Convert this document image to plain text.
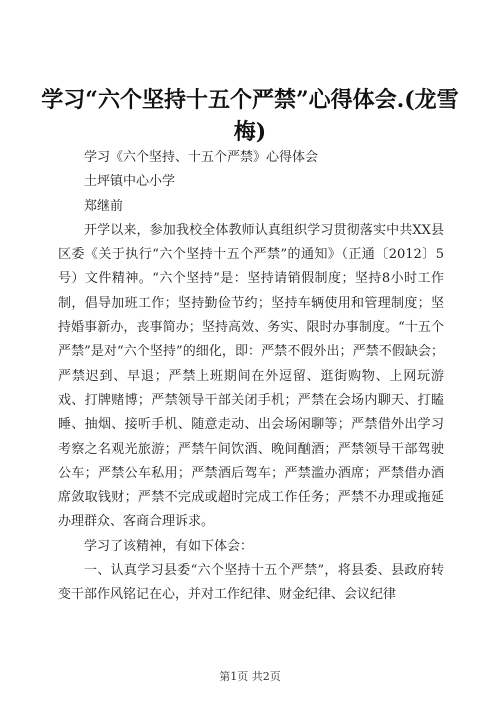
学习“六个坚持十五个严禁”心得体会.(龙雪梅)

学习《六个坚持、十五个严禁》心得体会

土坪镇中心小学

郑继前

开学以来，参加我校全体教师认真组织学习贯彻落实中共XX县区委《关于执行“六个坚持十五个严禁”的通知》（正通〔2012〕5号）文件精神。“六个坚持”是：坚持请销假制度；坚持8小时工作制，倡导加班工作；坚持勤俭节约；坚持车辆使用和管理制度；坚持婚事新办，丧事简办；坚持高效、务实、限时办事制度。“十五个严禁”是对“六个坚持”的细化，即：严禁不假外出；严禁不假缺会；严禁迟到、早退；严禁上班期间在外逗留、逛街购物、上网玩游戏、打牌赌博；严禁领导干部关闭手机；严禁在会场内聊天、打瞌睡、抽烟、接听手机、随意走动、出会场闲聊等；严禁借外出学习考察之名观光旅游；严禁午间饮酒、晚间酗酒；严禁领导干部驾驶公车；严禁公车私用；严禁酒后驾车；严禁滥办酒席；严禁借办酒席敛取钱财；严禁不完成或超时完成工作任务；严禁不办理或拖延办理群众、客商合理诉求。

学习了该精神，有如下体会：

一、认真学习县委“六个坚持十五个严禁”，将县委、县政府转变干部作风铭记在心，并对工作纪律、财金纪律、会议纪律

第1页 共2页
